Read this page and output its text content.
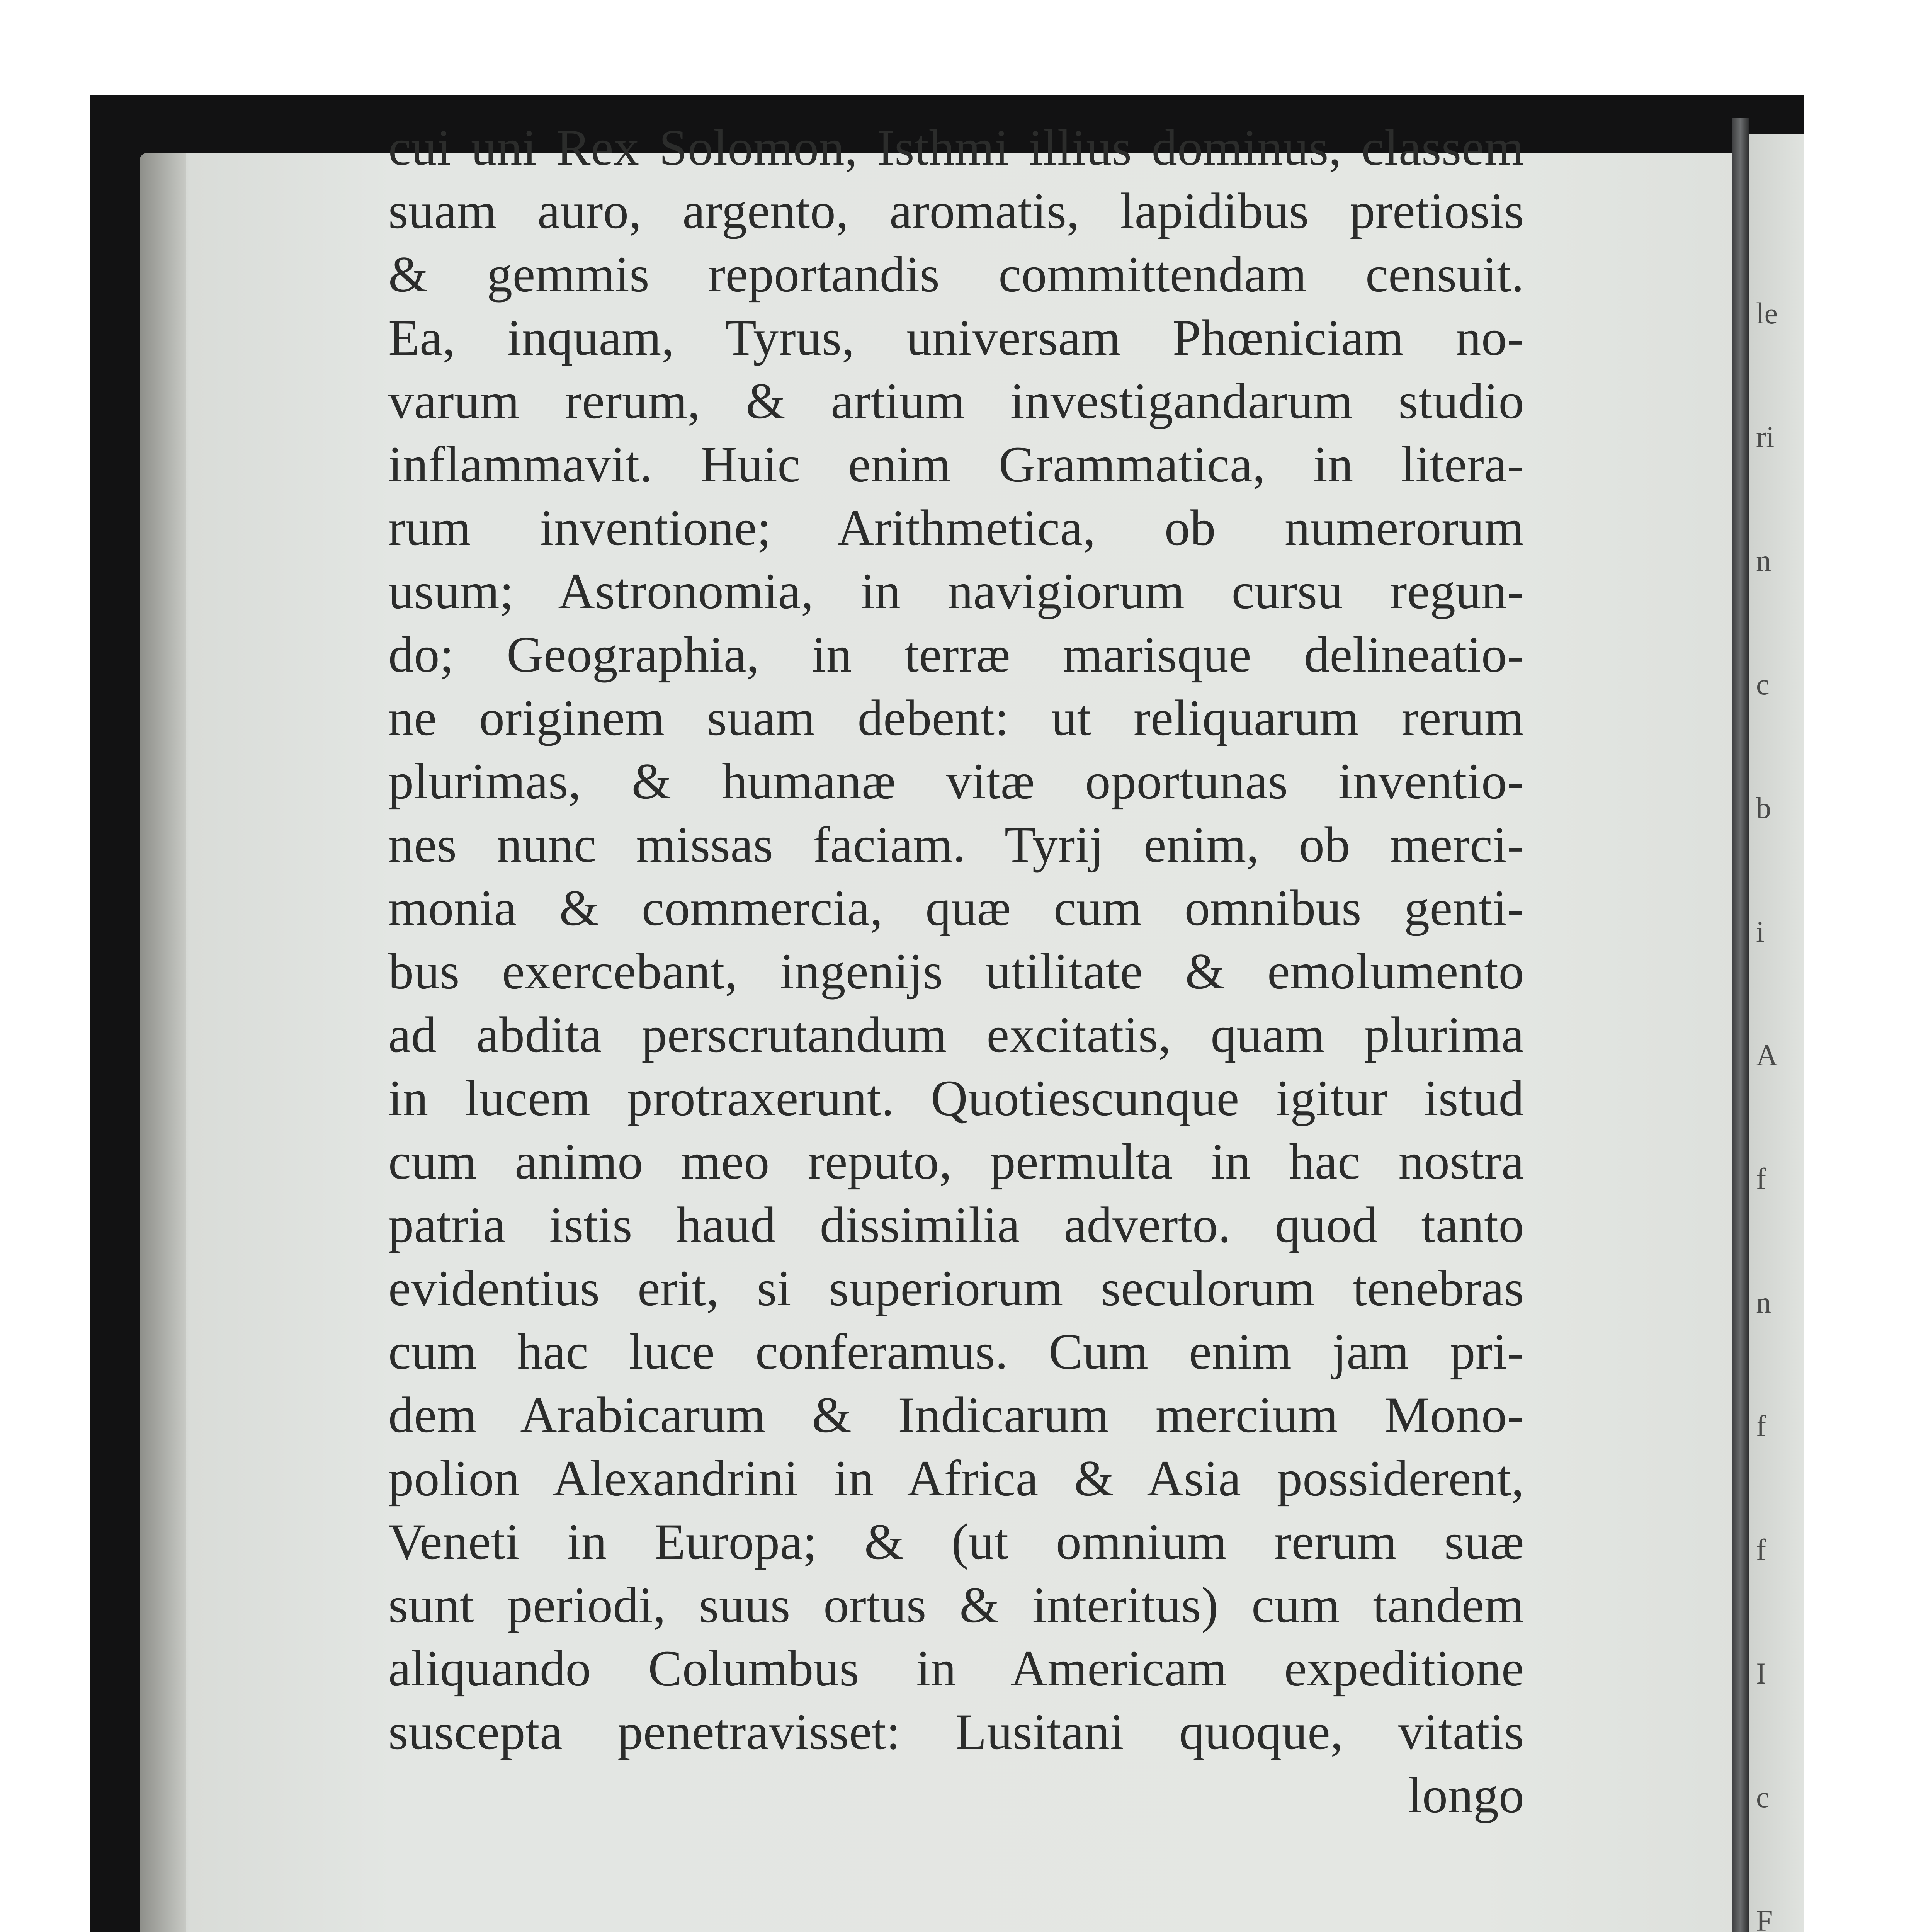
le
ri
n
c
b
i
A
f
n
f
f
I
c
F
cui uni Rex Solomon, Isthmi illius dominus, classem
suam auro, argento, aromatis, lapidibus pretiosis
& gemmis reportandis committendam censuit.
Ea, inquam, Tyrus, universam Phœniciam no-
varum rerum, & artium investigandarum studio
inflammavit. Huic enim Grammatica, in litera-
rum inventione; Arithmetica, ob numerorum
usum; Astronomia, in navigiorum cursu regun-
do; Geographia, in terræ marisque delineatio-
ne originem suam debent: ut reliquarum rerum
plurimas, & humanæ vitæ oportunas inventio-
nes nunc missas faciam. Tyrij enim, ob merci-
monia & commercia, quæ cum omnibus genti-
bus exercebant, ingenijs utilitate & emolumento
ad abdita perscrutandum excitatis, quam plurima
in lucem protraxerunt. Quotiescunque igitur istud
cum animo meo reputo, permulta in hac nostra
patria istis haud dissimilia adverto. quod tanto
evidentius erit, si superiorum seculorum tenebras
cum hac luce conferamus. Cum enim jam pri-
dem Arabicarum & Indicarum mercium Mono-
polion Alexandrini in Africa & Asia possiderent,
Veneti in Europa; & (ut omnium rerum suæ
sunt periodi, suus ortus & interitus) cum tandem
aliquando Columbus in Americam expeditione
suscepta penetravisset: Lusitani quoque, vitatis
longo
